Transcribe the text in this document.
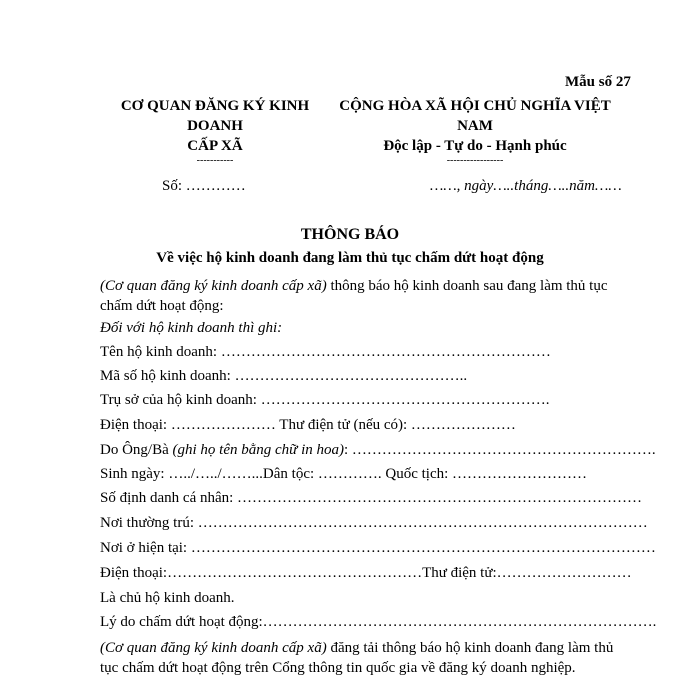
Mẫu số 27
CƠ QUAN ĐĂNG KÝ KINH
DOANH
CẤP XÃ
-----------
CỘNG HÒA XÃ HỘI CHỦ NGHĨA VIỆT
NAM
Độc lập - Tự do - Hạnh phúc
-----------------
Số: …………	……, ngày…..tháng…..năm……
THÔNG BÁO
Về việc hộ kinh doanh đang làm thủ tục chấm dứt hoạt động
(Cơ quan đăng ký kinh doanh cấp xã) thông báo hộ kinh doanh sau đang làm thủ tục chấm dứt hoạt động:
Đối với hộ kinh doanh thì ghi:
Tên hộ kinh doanh: …………………………………………………………
Mã số hộ kinh doanh: ………………………………………..
Trụ sở của hộ kinh doanh: ………………………………………………….
Điện thoại: ………………… Thư điện tử (nếu có): …………………
Do Ông/Bà (ghi họ tên bằng chữ in hoa): …………………………………………………….
Sinh ngày: …../…../……...Dân tộc: …………. Quốc tịch: ………………………
Số định danh cá nhân: ………………………………………………………………………
Nơi thường trú: ………………………………………………………………………………
Nơi ở hiện tại: …………………………………………………………………………………
Điện thoại:……………………………………………Thư điện tử:………………………
Là chủ hộ kinh doanh.
Lý do chấm dứt hoạt động:…………………………………………………………………….
(Cơ quan đăng ký kinh doanh cấp xã) đăng tải thông báo hộ kinh doanh đang làm thủ tục chấm dứt hoạt động trên Cổng thông tin quốc gia về đăng ký doanh nghiệp.
